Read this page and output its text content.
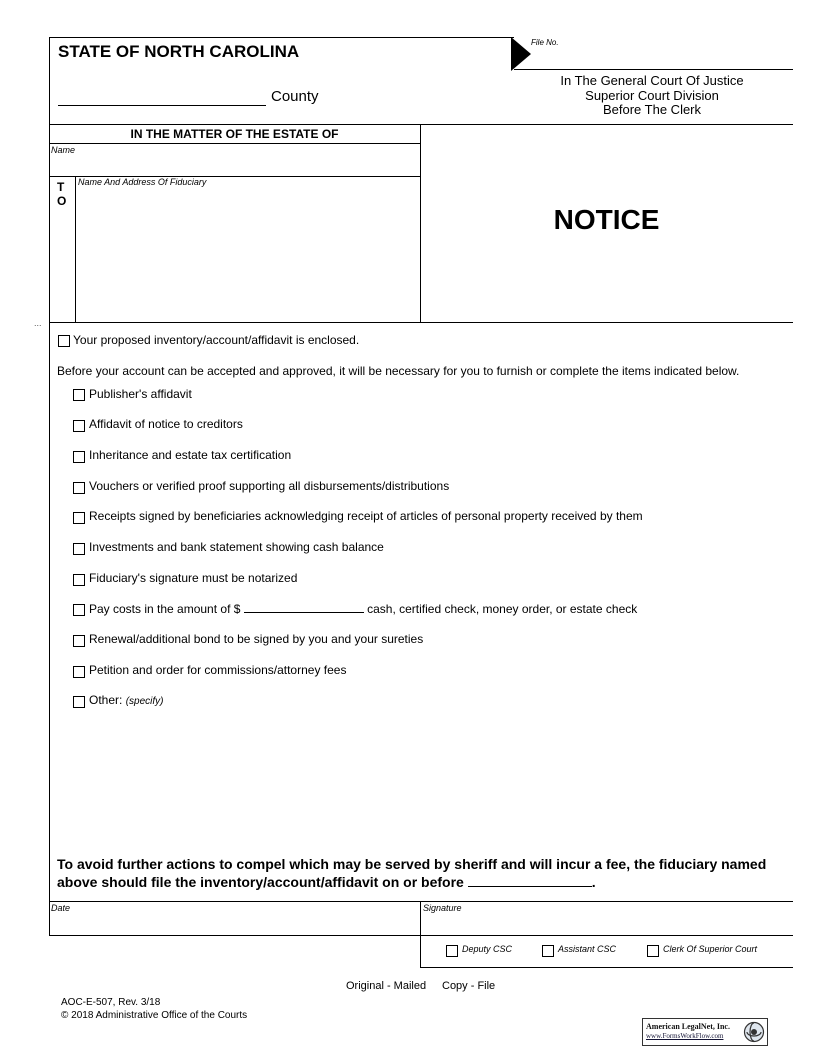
STATE OF NORTH CAROLINA
County
File No.
In The General Court Of Justice
Superior Court Division
Before The Clerk
IN THE MATTER OF THE ESTATE OF
Name
T
O
Name And Address Of Fiduciary
NOTICE
...
Your proposed inventory/account/affidavit is enclosed.
Before your account can be accepted and approved, it will be necessary for you to furnish or complete the items indicated below.
Publisher's affidavit
Affidavit of notice to creditors
Inheritance and estate tax certification
Vouchers or verified proof supporting all disbursements/distributions
Receipts signed by beneficiaries acknowledging receipt of articles of personal property received by them
Investments and bank statement showing cash balance
Fiduciary's signature must be notarized
Pay costs in the amount of $	cash, certified check, money order, or estate check
Renewal/additional bond to be signed by you and your sureties
Petition and order for commissions/attorney fees
Other: (specify)
To avoid further actions to compel which may be served by sheriff and will incur a fee, the fiduciary named
above should file the inventory/account/affidavit on or before	.
Date	Signature
Deputy CSC	Assistant CSC	Clerk Of Superior Court
Original - Mailed Copy - File
AOC-E-507, Rev. 3/18
© 2018 Administrative Office of the Courts
American LegalNet, Inc.
www.FormsWorkFlow.com
